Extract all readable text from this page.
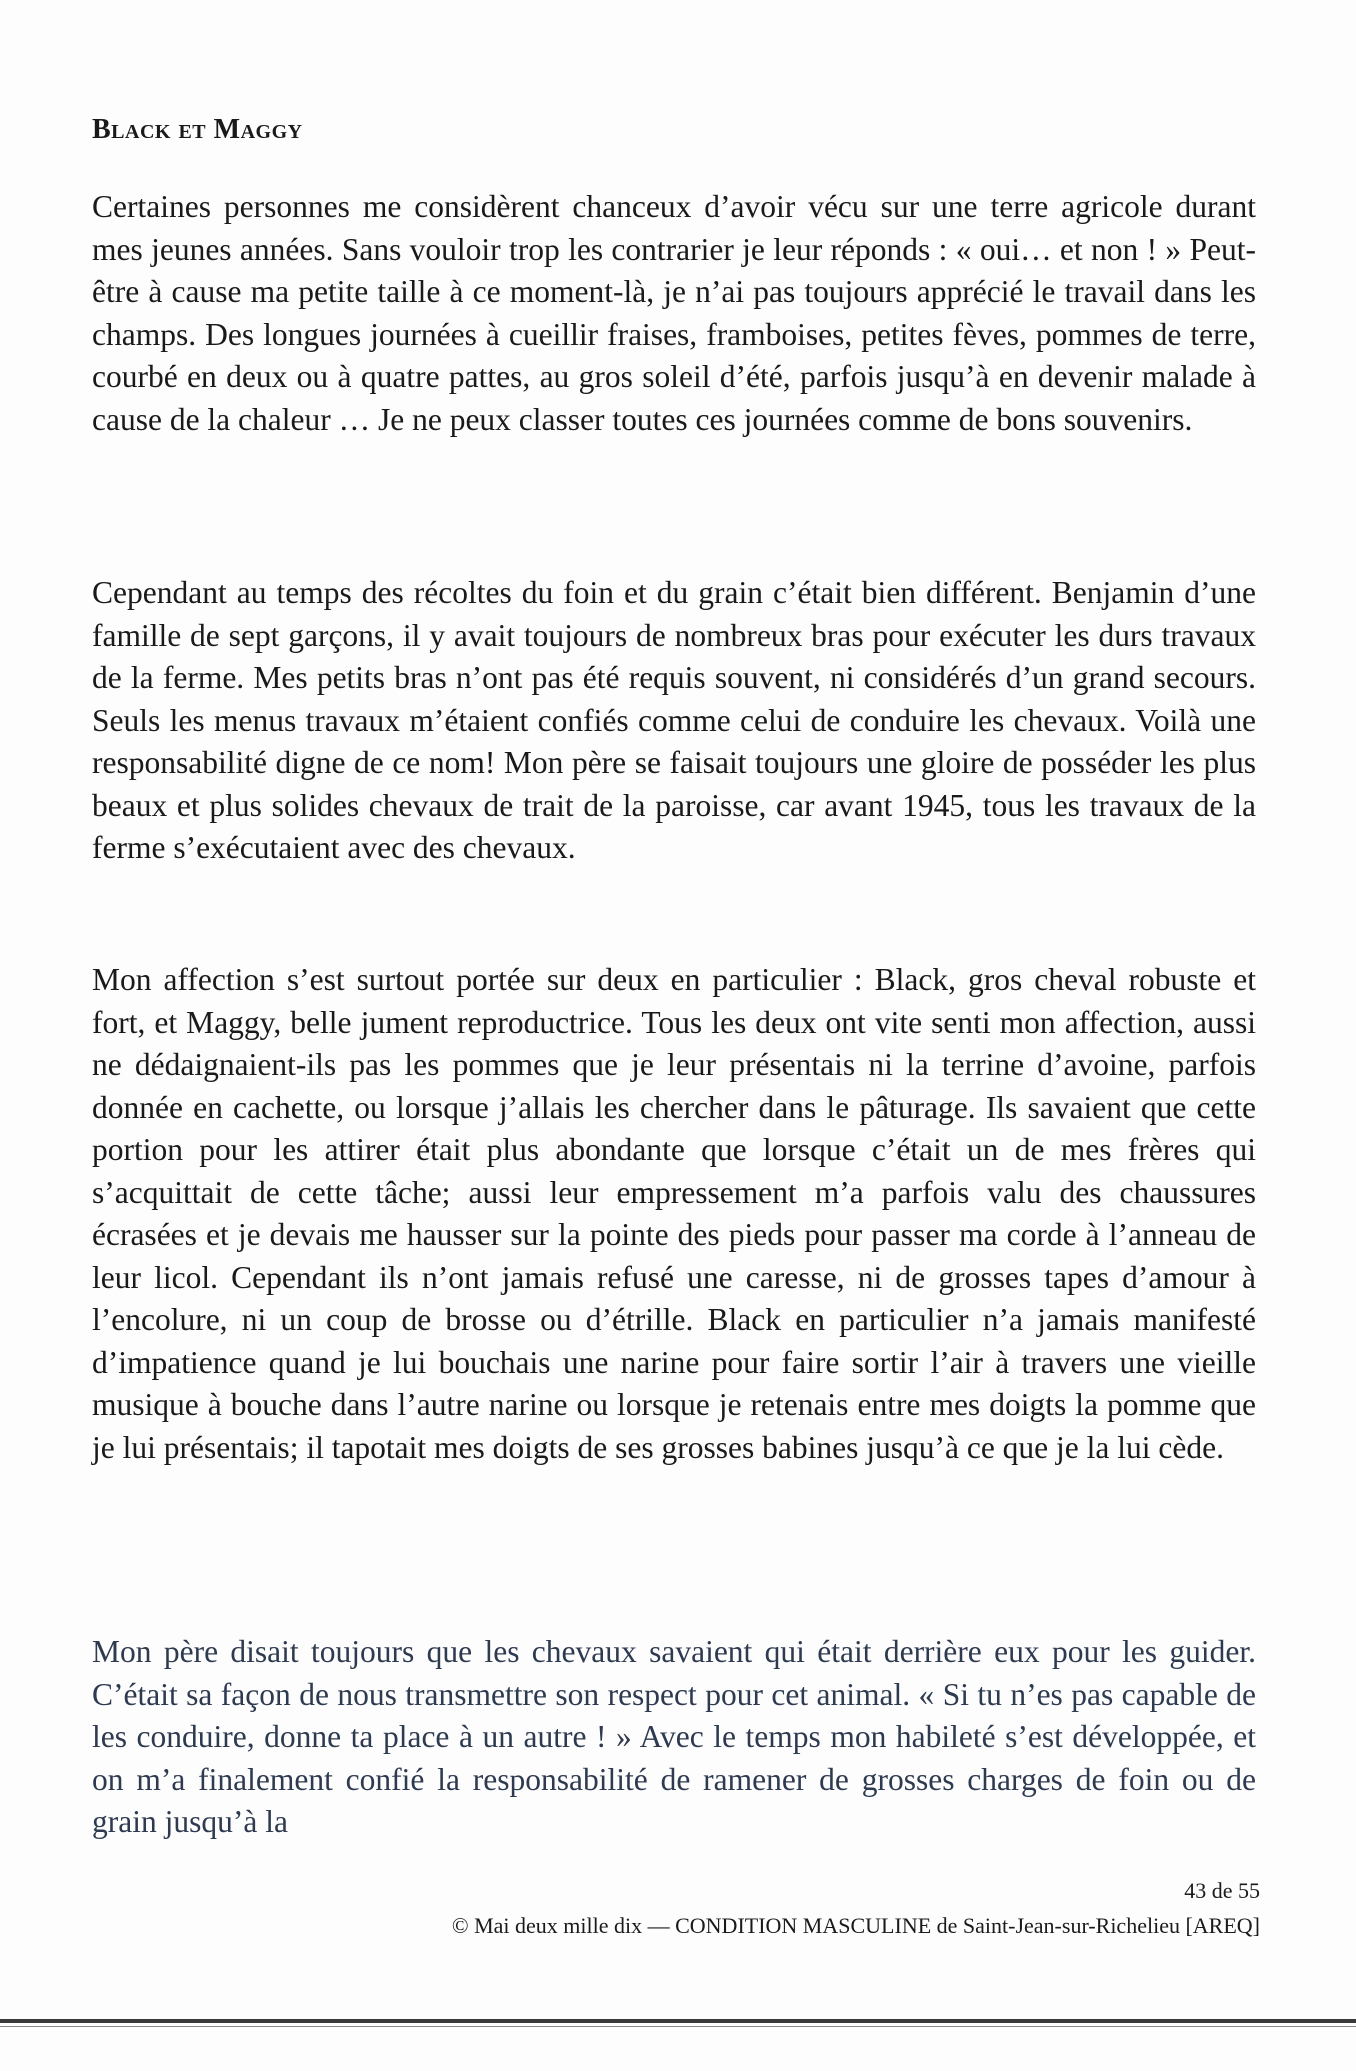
Black et Maggy

Certaines personnes me considèrent chanceux d’avoir vécu sur une terre agricole durant mes jeunes années. Sans vouloir trop les contrarier je leur réponds : « oui… et non ! » Peut-être à cause ma petite taille à ce moment-là, je n’ai pas toujours apprécié le travail dans les champs. Des longues journées à cueillir fraises, framboises, petites fèves, pommes de terre, courbé en deux ou à quatre pattes, au gros soleil d’été, parfois jusqu’à en devenir malade à cause de la chaleur … Je ne peux classer toutes ces journées comme de bons souvenirs.

Cependant au temps des récoltes du foin et du grain c’était bien différent. Benjamin d’une famille de sept garçons, il y avait toujours de nombreux bras pour exécuter les durs travaux de la ferme. Mes petits bras n’ont pas été requis souvent, ni considérés d’un grand secours. Seuls les menus travaux m’étaient confiés comme celui de conduire les chevaux. Voilà une responsabilité digne de ce nom! Mon père se faisait toujours une gloire de posséder les plus beaux et plus solides chevaux de trait de la paroisse, car avant 1945, tous les travaux de la ferme s’exécutaient avec des chevaux.

Mon affection s’est surtout portée sur deux en particulier : Black, gros cheval robuste et fort, et Maggy, belle jument reproductrice. Tous les deux ont vite senti mon affection, aussi ne dédaignaient-ils pas les pommes que je leur présentais ni la terrine d’avoine, parfois donnée en cachette, ou lorsque j’allais les chercher dans le pâturage. Ils savaient que cette portion pour les attirer était plus abondante que lorsque c’était un de mes frères qui s’acquittait de cette tâche; aussi leur empressement m’a parfois valu des chaussures écrasées et je devais me hausser sur la pointe des pieds pour passer ma corde à l’anneau de leur licol. Cependant ils n’ont jamais refusé une caresse, ni de grosses tapes d’amour à l’encolure, ni un coup de brosse ou d’étrille. Black en particulier n’a jamais manifesté d’impatience quand je lui bouchais une narine pour faire sortir l’air à travers une vieille musique à bouche dans l’autre narine ou lorsque je retenais entre mes doigts la pomme que je lui présentais; il tapotait mes doigts de ses grosses babines jusqu’à ce que je la lui cède.

Mon père disait toujours que les chevaux savaient qui était derrière eux pour les guider. C’était sa façon de nous transmettre son respect pour cet animal. « Si tu n’es pas capable de les conduire, donne ta place à un autre ! » Avec le temps mon habileté s’est développée, et on m’a finalement confié la responsabilité de ramener de grosses charges de foin ou de grain jusqu’à la

43 de 55

© Mai deux mille dix — CONDITION MASCULINE de Saint-Jean-sur-Richelieu [AREQ]
